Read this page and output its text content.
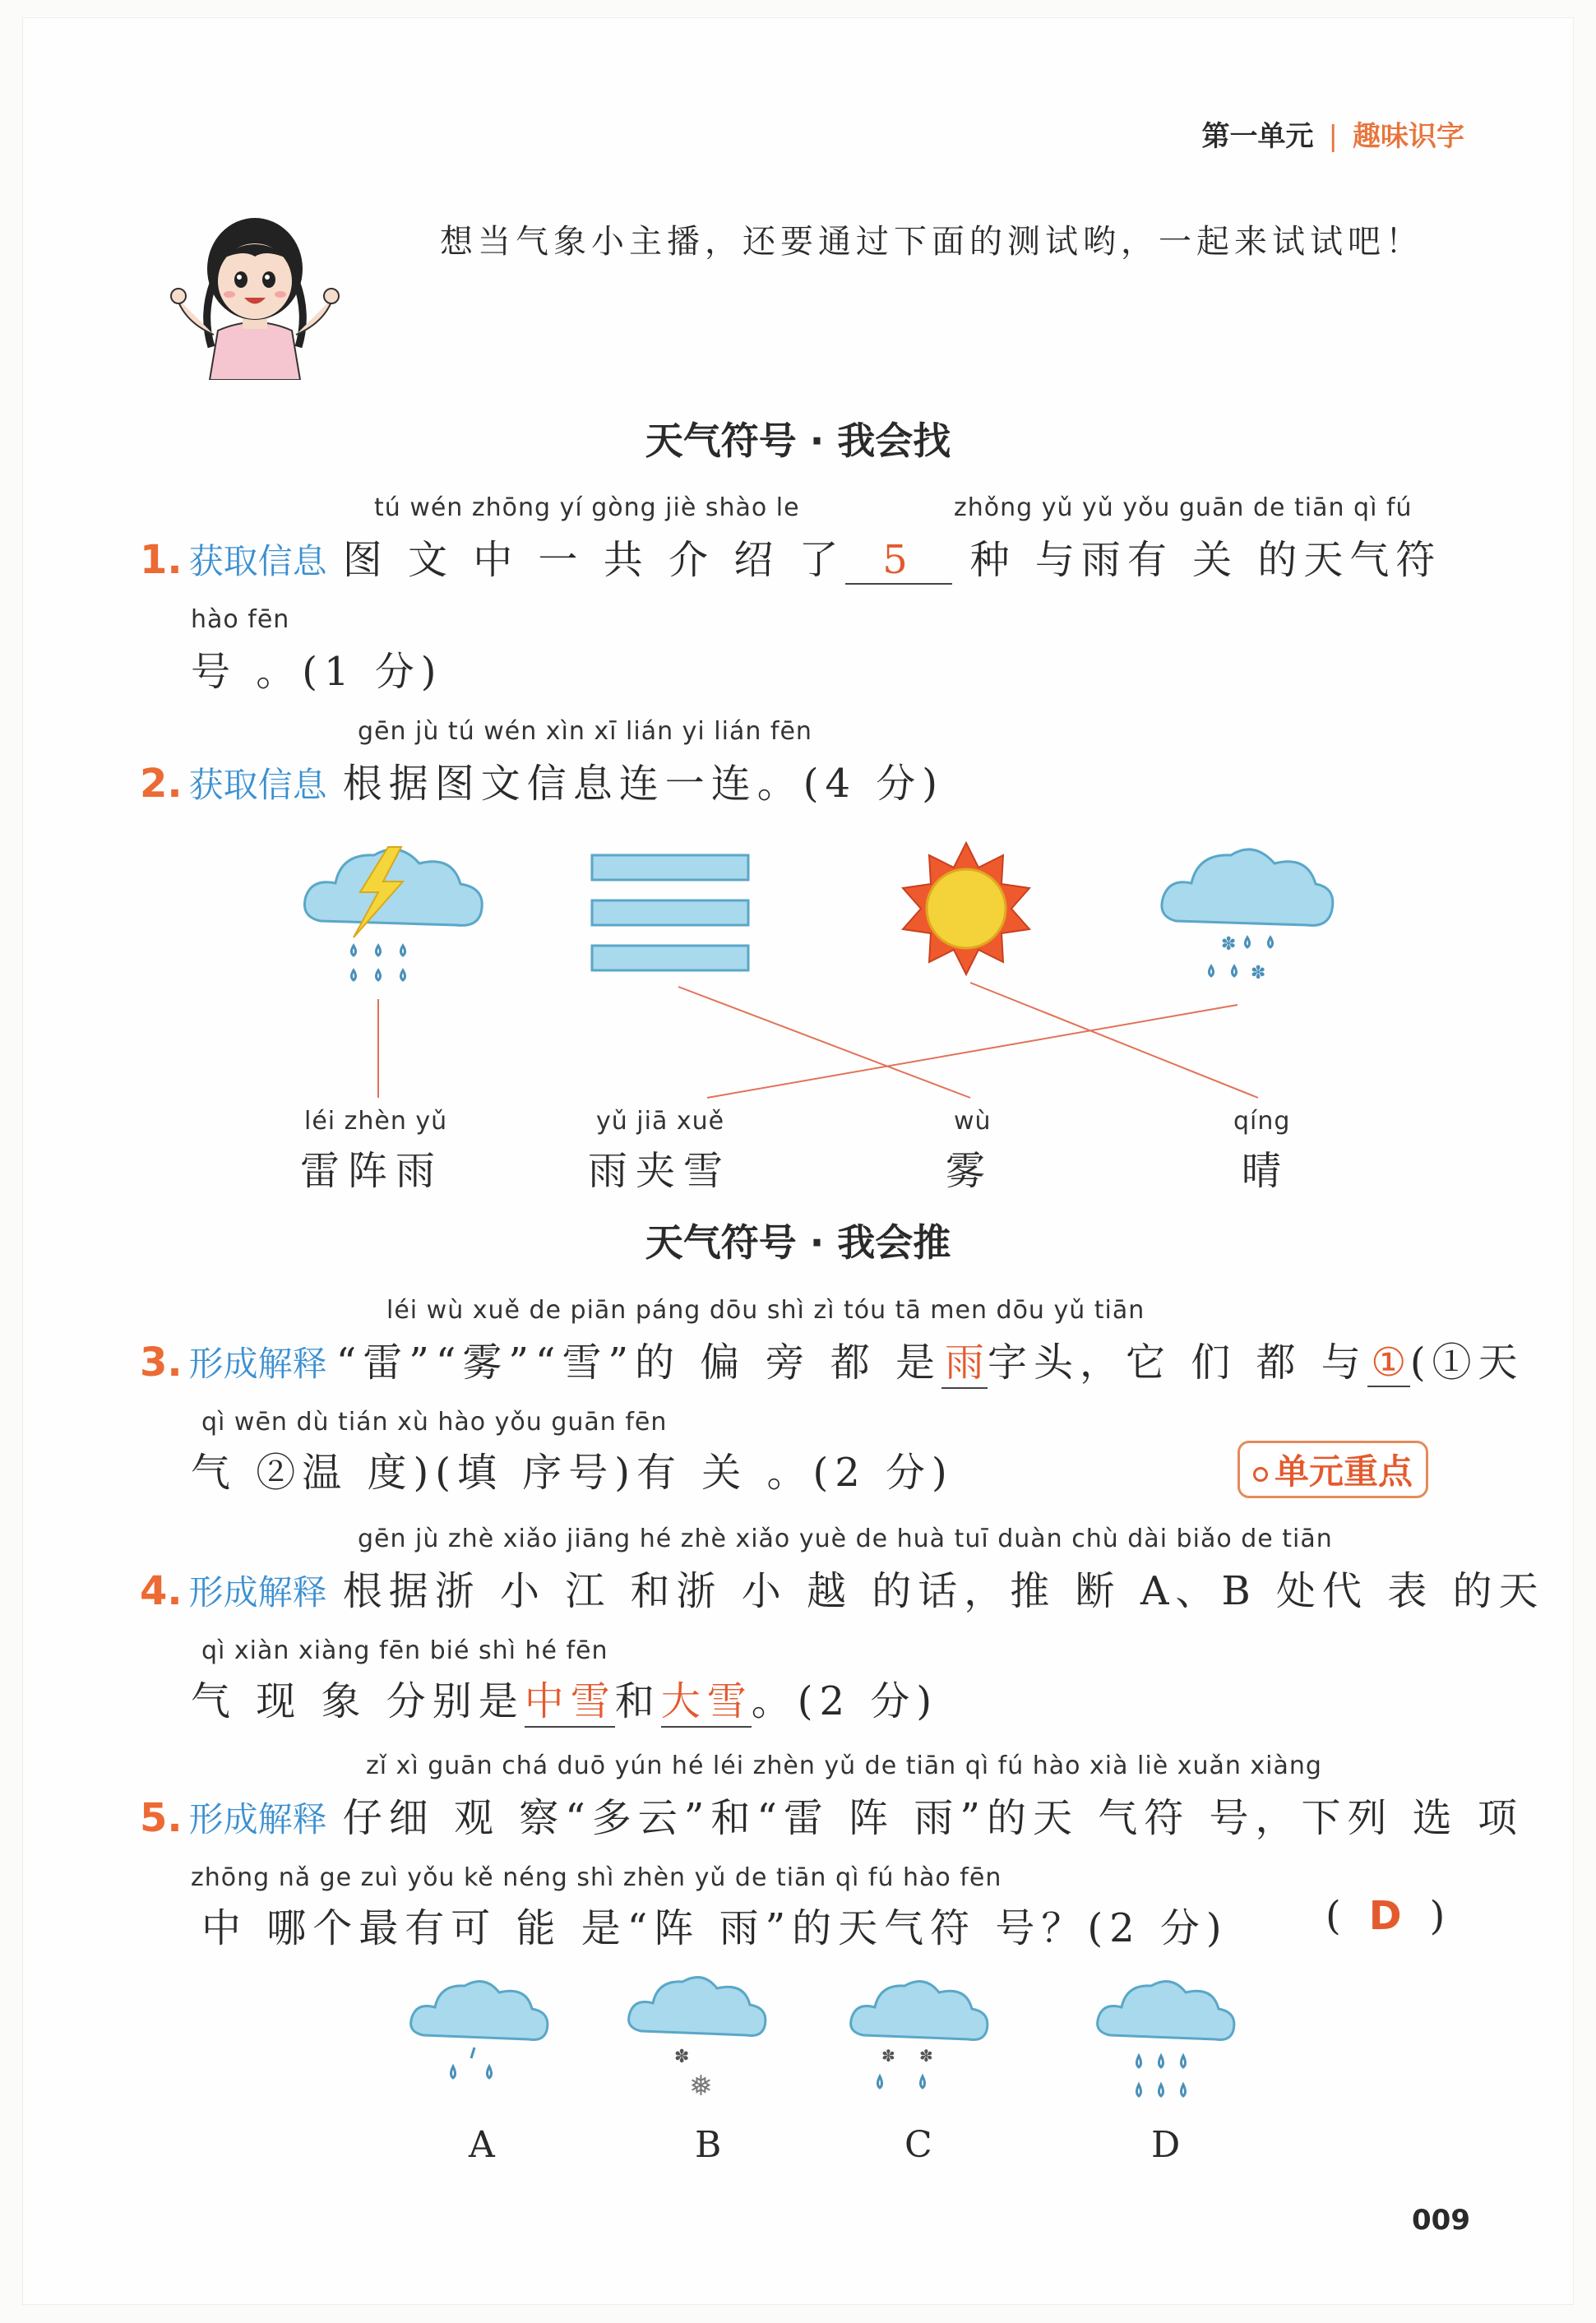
第一单元 | 趣味识字
想当气象小主播，还要通过下面的测试哟，一起来试试吧！
天气符号 · 我会找
tú wén zhōng yí gòng jiè shào le	zhǒng yǔ yǔ yǒu guān de tiān qì fú
1. 获取信息 图 文 中 一 共 介 绍 了 5 种 与雨有 关 的天气符
hào fēn
号 。(1 分)
gēn jù tú wén xìn xī lián yi lián fēn
2. 获取信息 根据图文信息连一连。(4 分)
✽
✽
léi zhèn yǔ
雷阵雨
yǔ jiā xuě
雨夹雪
wù
雾
qíng
晴
天气符号 · 我会推
léi wù xuě de piān páng dōu shì zì tóu tā men dōu yǔ tiān
3. 形成解释 “雷”“雾”“雪”的 偏 旁 都 是雨字头，它 们 都 与①(①天
qì wēn dù tián xù hào yǒu guān fēn
气 ②温 度)(填 序号)有 关 。(2 分)	单元重点
gēn jù zhè xiǎo jiāng hé zhè xiǎo yuè de huà tuī duàn chù dài biǎo de tiān
4. 形成解释 根据浙 小 江 和浙 小 越 的话，推 断 A、B 处代 表 的天
qì xiàn xiàng fēn bié shì hé fēn
气 现 象 分别是中雪和大雪。(2 分)
zǐ xì guān chá duō yún hé léi zhèn yǔ de tiān qì fú hào xià liè xuǎn xiàng
5. 形成解释 仔细 观 察“多云”和“雷 阵 雨”的天 气符 号，下列 选 项
zhōng nǎ ge zuì yǒu kě néng shì zhèn yǔ de tiān qì fú hào fēn
中 哪个最有可 能 是“阵 雨”的天气符 号？(2 分) ( D )
✽
❅
✽ ✽
A	B	C	D
009
